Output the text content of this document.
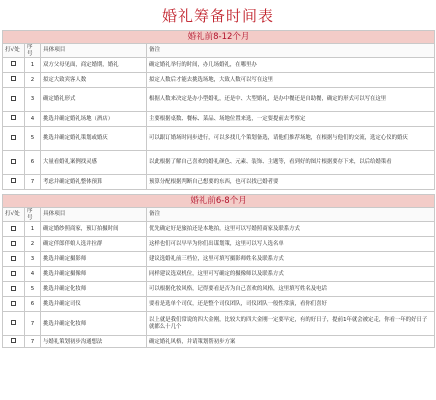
婚礼筹备时间表
婚礼前8-12个月			
打√处	序号	具体项目	备注
	1	双方父母见面，商定婚期，婚礼	确定婚礼举行的时间，办几场婚礼，在哪里办
	2	拟定大致宾客人数	拟定人数后才能去挑选场地，大致人数可以写在这里
	3	确定婚礼形式	根据人数来决定是办小型婚礼，还是中、大型婚礼，是办中餐还是自助餐，确定的形式可以写在这里
	4	挑选并确定婚礼场地（酒店）	主要根据桌数、餐标、菜品、场地位置来选，一定要提前去考察定
	5	挑选并确定婚礼策划或婚庆	可以跟订婚场时同步进行，可以多找几个策划备选，请他们推荐场地，在根据与他们的交流，选定心仪的婚庆
	6	大量看婚礼案例找灵感	以此根据了解自己喜欢的婚礼颜色、元素、装饰、主题等，看到好的图片根据要存下来，以后给婚策看
	7	考虑并确定婚礼整体预算	预算分配根据判断自己想要的东西，也可以找已婚者要
婚礼前6-8个月			
打√处	序号	具体项目	备注
	1	确定婚纱照商家，预订拍摄时间	优先确定好是旅拍还是本地拍，这里可以写婚照商家及联系方式
	2	确定伴郎伴娘人选并拉群	这样也们可以早早为你们出谋划策，这里可以写人选名单
	3	挑选并确定摄影师	建议选婚礼前三档位，这里可填写摄影师姓名及联系方式
	4	挑选并确定摄像师	同样建议选双机位，这里可写确定的摄像师以及联系方式
	5	挑选并确定化妆师	可以根据化妆风格，记得要看是否为自己喜欢的风格，这里填写姓名及电话
	6	挑选并确定司仪	要看是选单个司仪，还是整个司仪团队，司仪团队一般性常演，看你们喜好
	7	挑选并确定化妆师	以上就是我们常说的四大金刚，比较大的四大金刚一定要早定，有的好日子，提前1年就会被定走，你看一年的好日子就都么十几个
	7	与婚礼策划初步沟通想法	确定婚礼风格，并请策划帮初步方案
